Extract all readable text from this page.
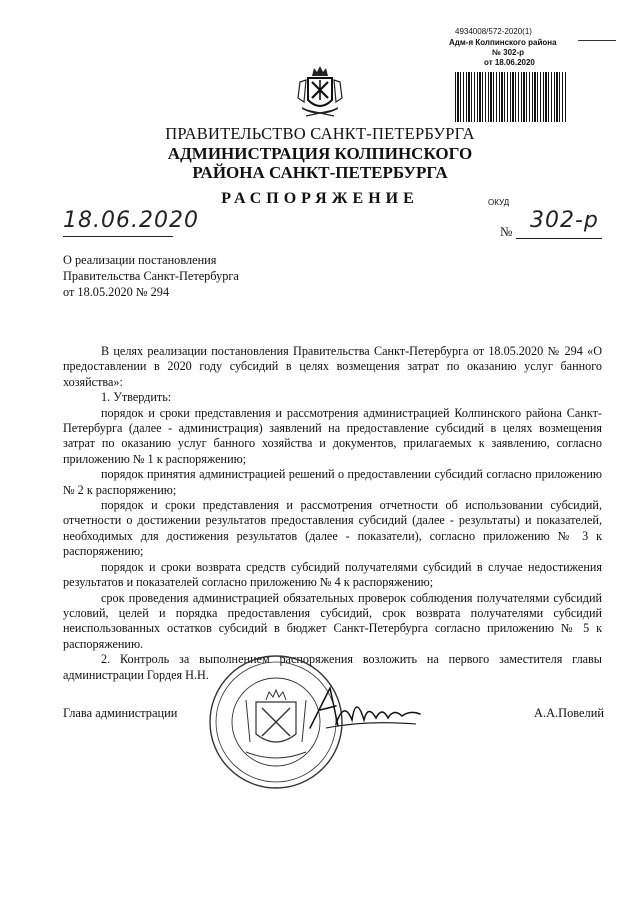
4934008/572-2020(1)
Адм-я Колпинского района
№ 302-р
от 18.06.2020
ПРАВИТЕЛЬСТВО САНКТ-ПЕТЕРБУРГА
АДМИНИСТРАЦИЯ КОЛПИНСКОГО
РАЙОНА САНКТ-ПЕТЕРБУРГА
РАСПОРЯЖЕНИЕ	ОКУД
18.06.2020	№ 302-р
О реализации постановления
Правительства Санкт-Петербурга
от 18.05.2020 № 294

В целях реализации постановления Правительства Санкт-Петербурга от 18.05.2020 № 294 «О предоставлении в 2020 году субсидий в целях возмещения затрат по оказанию услуг банного хозяйства»:

1. Утвердить:

порядок и сроки представления и рассмотрения администрацией Колпинского района Санкт-Петербурга (далее - администрация) заявлений на предоставление субсидий в целях возмещения затрат по оказанию услуг банного хозяйства и документов, прилагаемых к заявлению, согласно приложению № 1 к распоряжению;

порядок принятия администрацией решений о предоставлении субсидий согласно приложению № 2 к распоряжению;

порядок и сроки представления и рассмотрения отчетности об использовании субсидий, отчетности о достижении результатов предоставления субсидий (далее - результаты) и показателей, необходимых для достижения результатов (далее - показатели), согласно приложению № 3 к распоряжению;

порядок и сроки возврата средств субсидий получателями субсидий в случае недостижения результатов и показателей согласно приложению № 4 к распоряжению;

срок проведения администрацией обязательных проверок соблюдения получателями субсидий условий, целей и порядка предоставления субсидий, срок возврата получателями субсидий неиспользованных остатков субсидий в бюджет Санкт-Петербурга согласно приложению № 5 к распоряжению.

2. Контроль за выполнением распоряжения возложить на первого заместителя главы администрации Гордея Н.Н.

Глава администрации	А.А.Повелий
